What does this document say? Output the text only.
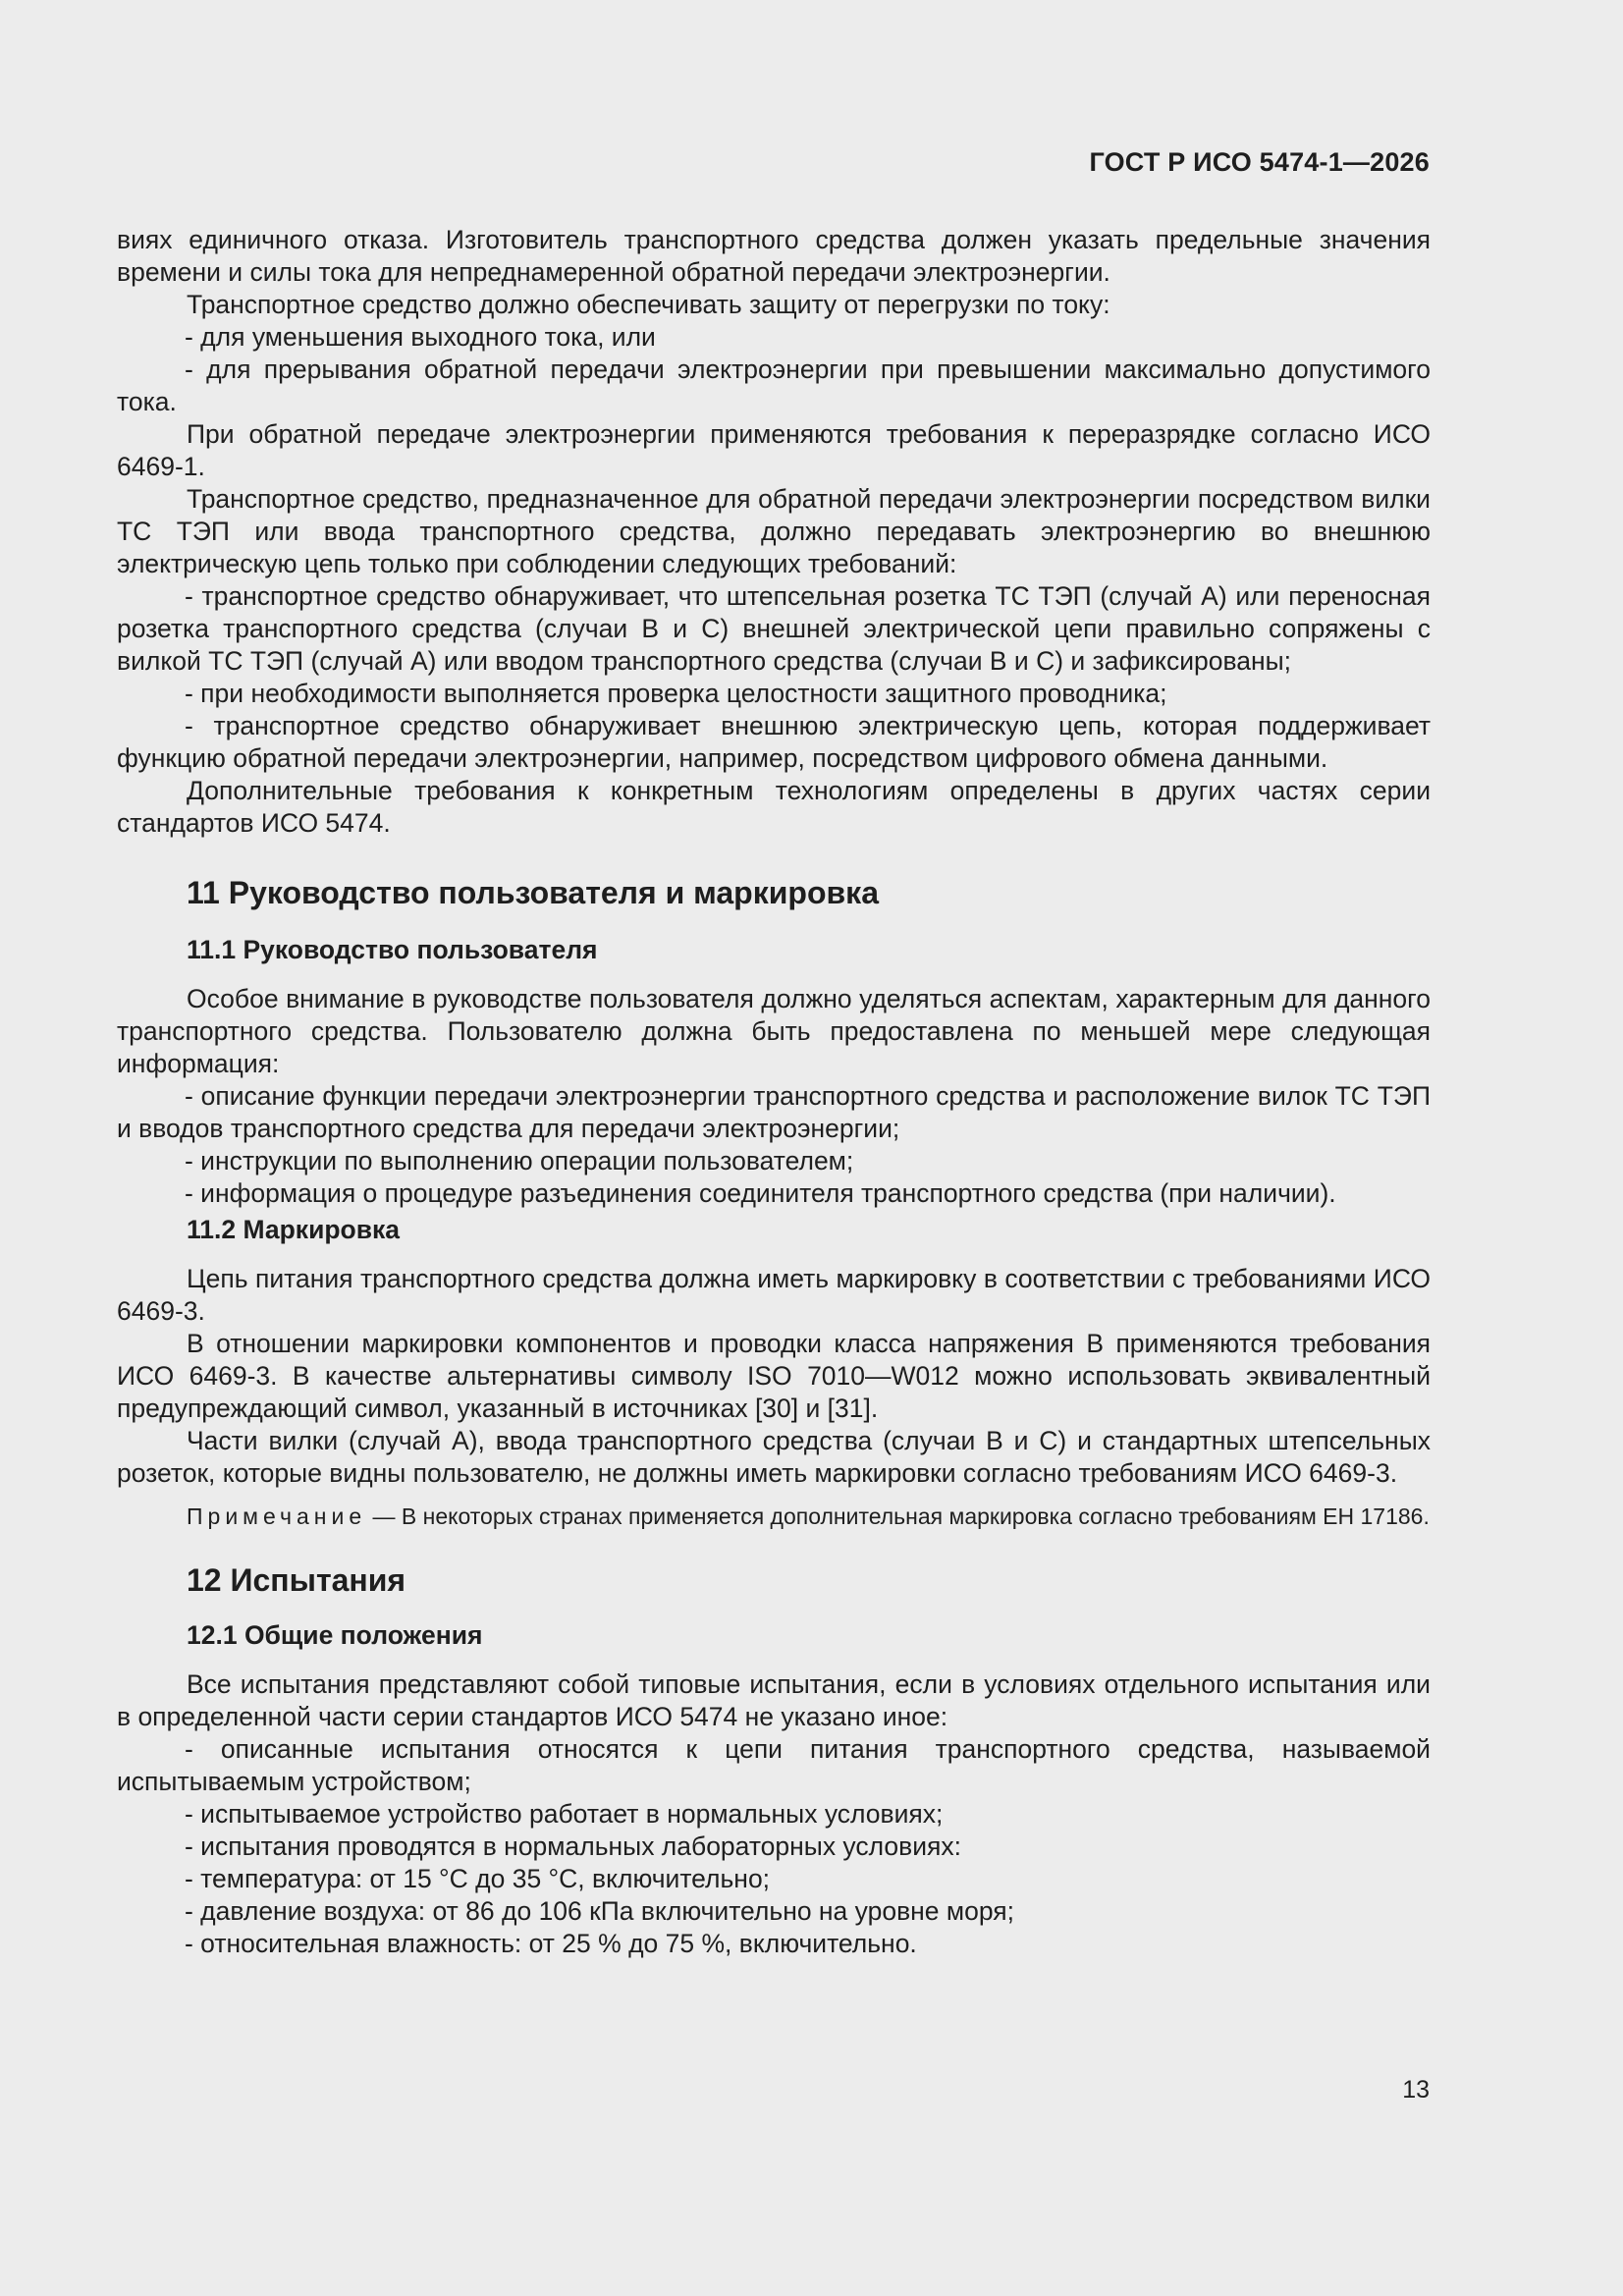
ГОСТ Р ИСО 5474-1—2026

виях единичного отказа. Изготовитель транспортного средства должен указать предельные значения времени и силы тока для непреднамеренной обратной передачи электроэнергии.

Транспортное средство должно обеспечивать защиту от перегрузки по току:

- для уменьшения выходного тока, или

- для прерывания обратной передачи электроэнергии при превышении максимально допустимого тока.

При обратной передаче электроэнергии применяются требования к переразрядке согласно ИСО 6469-1.

Транспортное средство, предназначенное для обратной передачи электроэнергии посредством вилки ТС ТЭП или ввода транспортного средства, должно передавать электроэнергию во внешнюю электрическую цепь только при соблюдении следующих требований:

- транспортное средство обнаруживает, что штепсельная розетка ТС ТЭП (случай А) или переносная розетка транспортного средства (случаи В и С) внешней электрической цепи правильно сопряжены с вилкой ТС ТЭП (случай А) или вводом транспортного средства (случаи В и С) и зафиксированы;

- при необходимости выполняется проверка целостности защитного проводника;

- транспортное средство обнаруживает внешнюю электрическую цепь, которая поддерживает функцию обратной передачи электроэнергии, например, посредством цифрового обмена данными.

Дополнительные требования к конкретным технологиям определены в других частях серии стандартов ИСО 5474.

11 Руководство пользователя и маркировка
11.1 Руководство пользователя

Особое внимание в руководстве пользователя должно уделяться аспектам, характерным для данного транспортного средства. Пользователю должна быть предоставлена по меньшей мере следующая информация:

- описание функции передачи электроэнергии транспортного средства и расположение вилок ТС ТЭП и вводов транспортного средства для передачи электроэнергии;

- инструкции по выполнению операции пользователем;

- информация о процедуре разъединения соединителя транспортного средства (при наличии).

11.2 Маркировка

Цепь питания транспортного средства должна иметь маркировку в соответствии с требованиями ИСО 6469-3.

В отношении маркировки компонентов и проводки класса напряжения В применяются требования ИСО 6469-3. В качестве альтернативы символу ISO 7010—W012 можно использовать эквивалентный предупреждающий символ, указанный в источниках [30] и [31].

Части вилки (случай А), ввода транспортного средства (случаи В и С) и стандартных штепсельных розеток, которые видны пользователю, не должны иметь маркировки согласно требованиям ИСО 6469-3.

Примечание — В некоторых странах применяется дополнительная маркировка согласно требованиям ЕН 17186.

12 Испытания
12.1 Общие положения

Все испытания представляют собой типовые испытания, если в условиях отдельного испытания или в определенной части серии стандартов ИСО 5474 не указано иное:

- описанные испытания относятся к цепи питания транспортного средства, называемой испытываемым устройством;

- испытываемое устройство работает в нормальных условиях;

- испытания проводятся в нормальных лабораторных условиях:

- температура: от 15 °С до 35 °С, включительно;

- давление воздуха: от 86 до 106 кПа включительно на уровне моря;

- относительная влажность: от 25 % до 75 %, включительно.

13
